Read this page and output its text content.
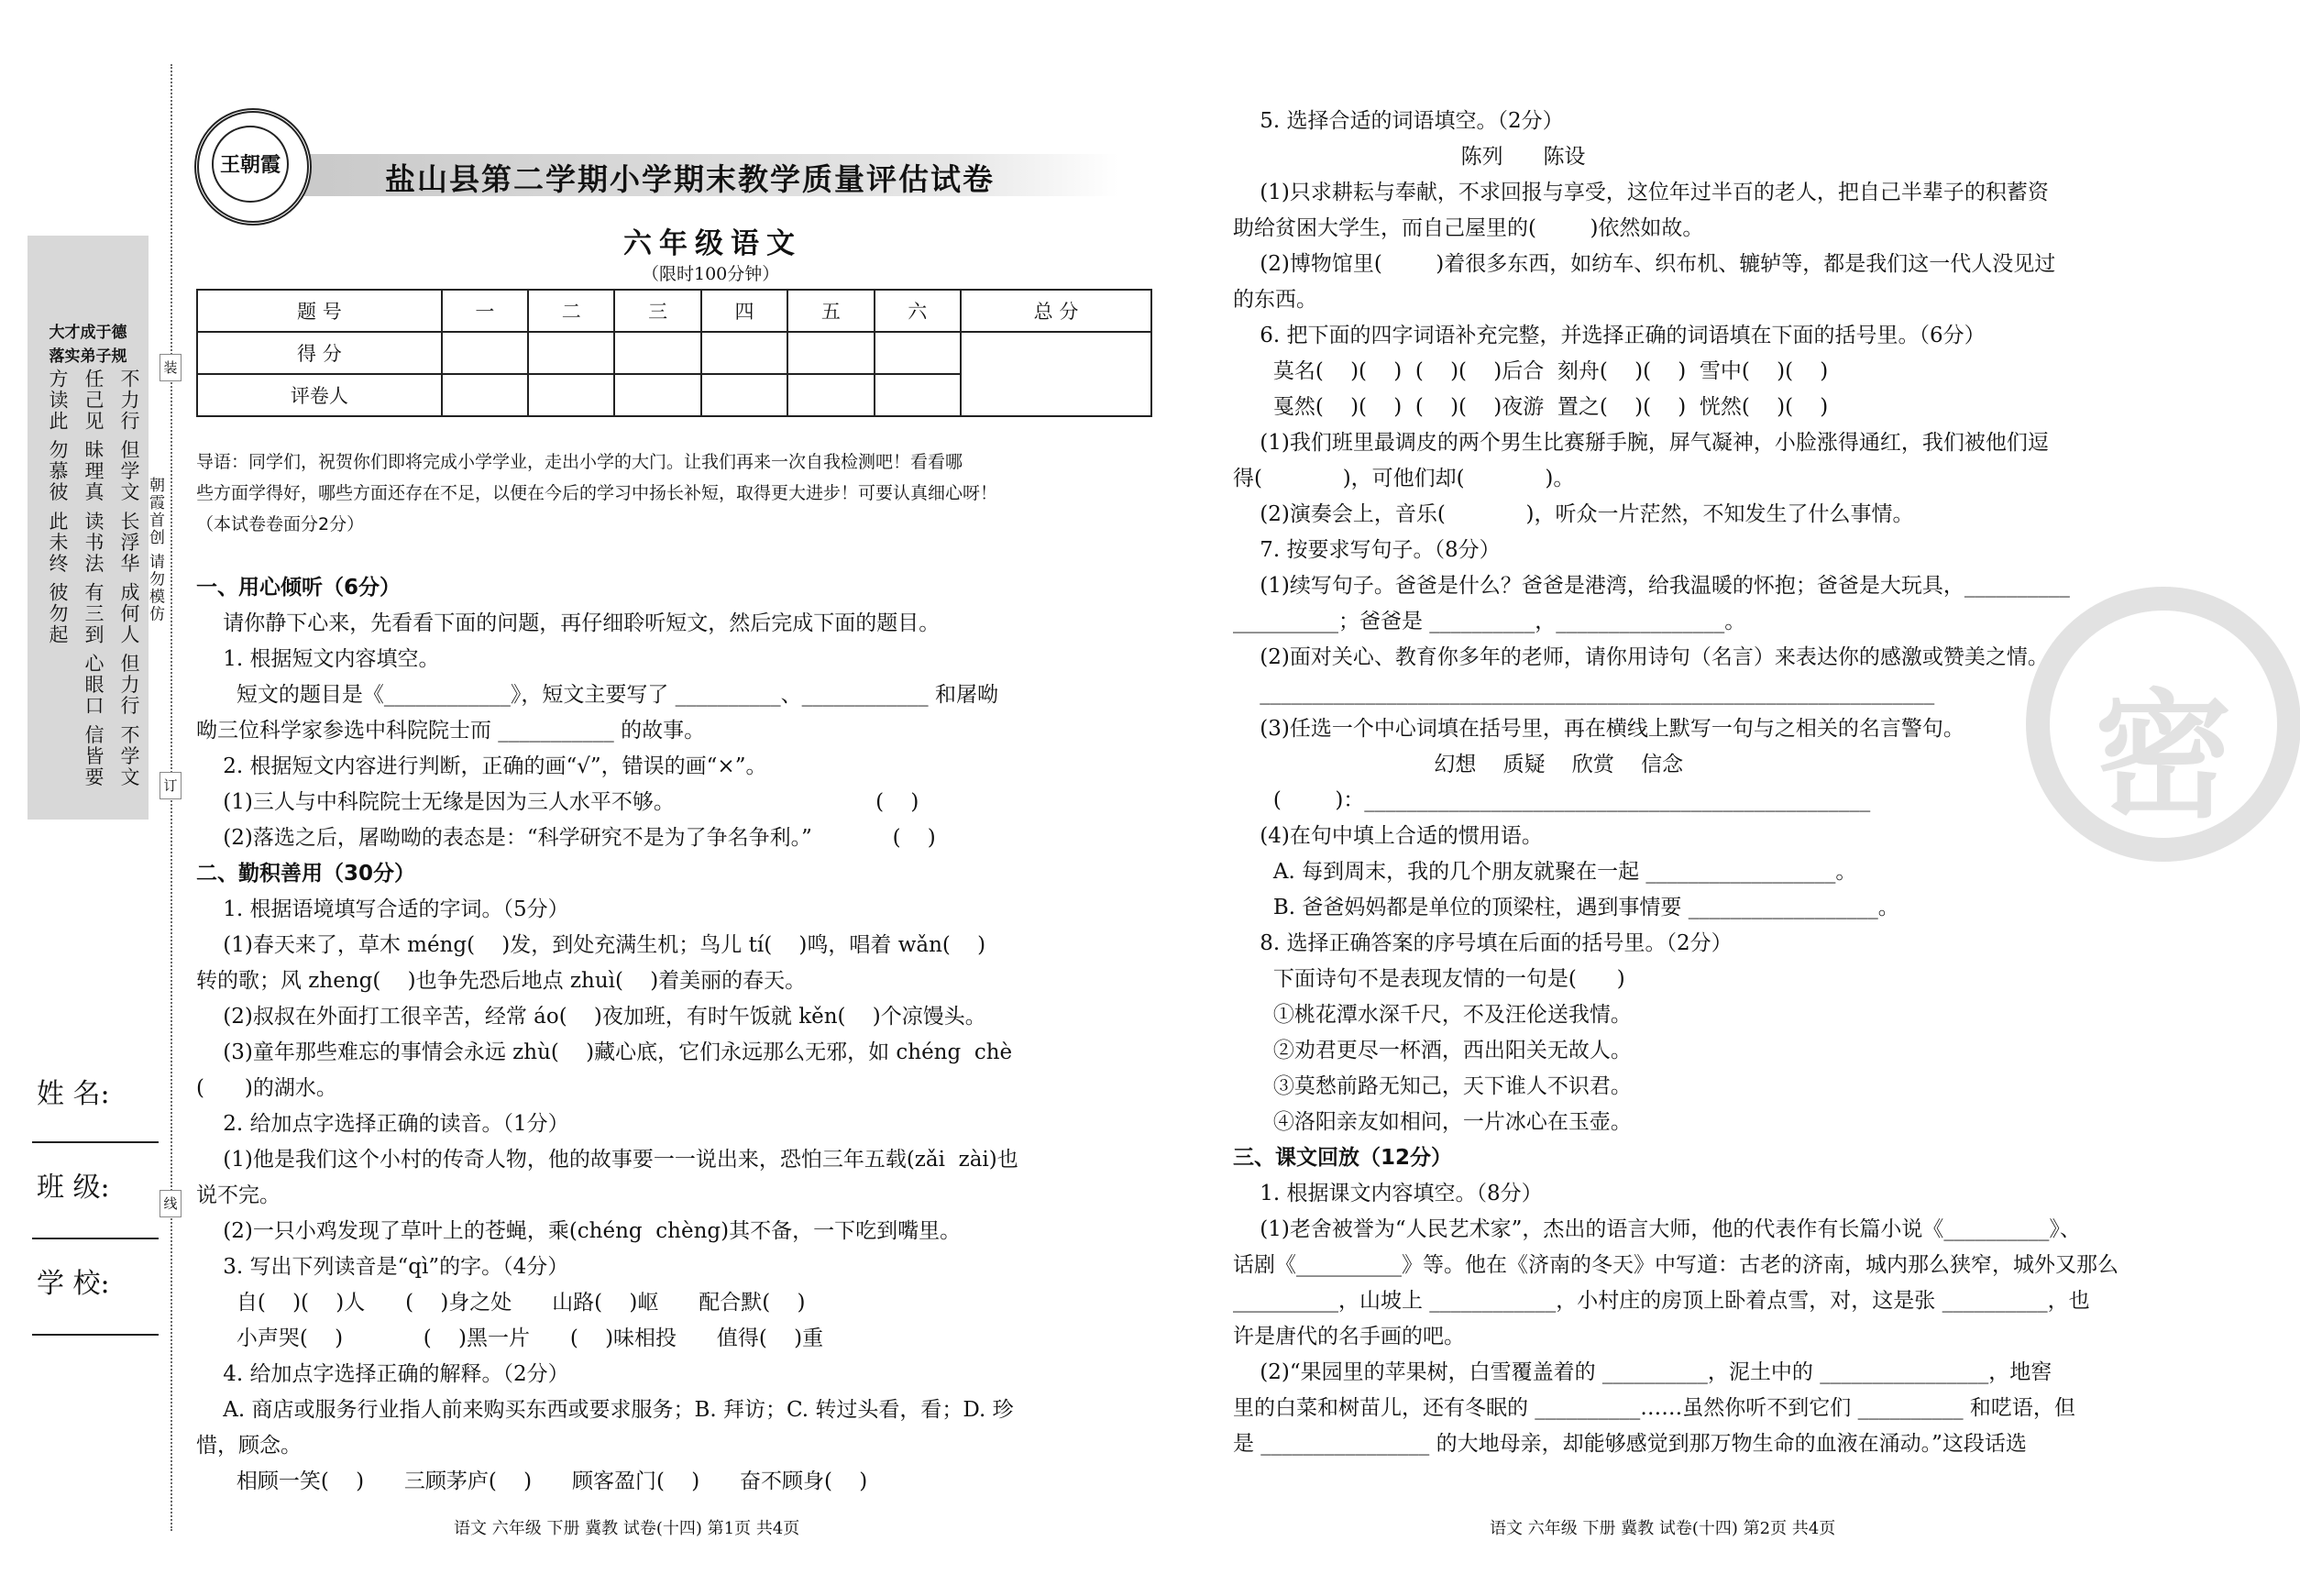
大才成于德
落实弟子规
不力行 但学文 长浮华 成何人 但力行 不学文
任己见 昧理真 读书法 有三到 心眼口 信皆要
方读此 勿慕彼 此未终 彼勿起
装
订
线
朝霞首创 请勿模仿
姓 名:
班 级:
学 校:
王朝霞	盐山县第二学期小学期末教学质量评估试卷
六年级语文
（限时100分钟）
题 号	一	二	三	四	五	六	总 分
得 分							
评卷人							
导语：同学们，祝贺你们即将完成小学学业，走出小学的大门。让我们再来一次自我检测吧！看看哪
些方面学得好，哪些方面还存在不足，以便在今后的学习中扬长补短，取得更大进步！可要认真细心呀！
（本试卷卷面分2分）
一、用心倾听（6分）
请你静下心来，先看看下面的问题，再仔细聆听短文，然后完成下面的题目。
1. 根据短文内容填空。
短文的题目是《____________》，短文主要写了 __________、____________ 和屠呦
呦三位科学家参选中科院院士而 ___________ 的故事。
2. 根据短文内容进行判断，正确的画“√”，错误的画“×”。
(1)三人与中科院院士无缘是因为三人水平不够。                              (    )
(2)落选之后，屠呦呦的表态是：“科学研究不是为了争名争利。”            (    )
二、勤积善用（30分）
1. 根据语境填写合适的字词。（5分）
(1)春天来了，草木 méng(    )发，到处充满生机；鸟儿 tí(    )鸣，唱着 wǎn(    )
转的歌；风 zheng(    )也争先恐后地点 zhuì(    )着美丽的春天。
(2)叔叔在外面打工很辛苦，经常 áo(    )夜加班，有时午饭就 kěn(    )个凉馒头。
(3)童年那些难忘的事情会永远 zhù(    )藏心底，它们永远那么无邪，如 chéng  chè
(      )的湖水。
2. 给加点字选择正确的读音。（1分）
(1)他是我们这个小村的传奇人物，他的故事要一一说出来，恐怕三年五载(zǎi  zài)也
说不完。
(2)一只小鸡发现了草叶上的苍蝇，乘(chéng  chèng)其不备，一下吃到嘴里。
3. 写出下列读音是“qì”的字。（4分）
自(    )(    )人      (    )身之处      山路(    )岖      配合默(    )
小声哭(    )            (    )黑一片      (    )味相投      值得(    )重
4. 给加点字选择正确的解释。（2分）
A. 商店或服务行业指人前来购买东西或要求服务；B. 拜访；C. 转过头看，看；D. 珍
惜，顾念。
相顾一笑(    )      三顾茅庐(    )      顾客盈门(    )      奋不顾身(    )
5. 选择合适的词语填空。（2分）
陈列      陈设
(1)只求耕耘与奉献，不求回报与享受，这位年过半百的老人，把自己半辈子的积蓄资
助给贫困大学生，而自己屋里的(        )依然如故。
(2)博物馆里(        )着很多东西，如纺车、织布机、辘轳等，都是我们这一代人没见过
的东西。
6. 把下面的四字词语补充完整，并选择正确的词语填在下面的括号里。（6分）
莫名(    )(    )  (    )(    )后合  刻舟(    )(    )  雪中(    )(    )
戛然(    )(    )  (    )(    )夜游  置之(    )(    )  恍然(    )(    )
(1)我们班里最调皮的两个男生比赛掰手腕，屏气凝神，小脸涨得通红，我们被他们逗
得(            )，可他们却(            )。
(2)演奏会上，音乐(            )，听众一片茫然，不知发生了什么事情。
7. 按要求写句子。（8分）
(1)续写句子。爸爸是什么？爸爸是港湾，给我温暖的怀抱；爸爸是大玩具，__________
__________；爸爸是 __________，________________。
(2)面对关心、教育你多年的老师，请你用诗句（名言）来表达你的感激或赞美之情。
________________________________________________________________
(3)任选一个中心词填在括号里，再在横线上默写一句与之相关的名言警句。
幻想    质疑    欣赏    信念
(        )：________________________________________________
(4)在句中填上合适的惯用语。
A. 每到周末，我的几个朋友就聚在一起 __________________。
B. 爸爸妈妈都是单位的顶梁柱，遇到事情要 __________________。
8. 选择正确答案的序号填在后面的括号里。（2分）
下面诗句不是表现友情的一句是(      )
①桃花潭水深千尺，不及汪伦送我情。
②劝君更尽一杯酒，西出阳关无故人。
③莫愁前路无知己，天下谁人不识君。
④洛阳亲友如相问，一片冰心在玉壶。
三、课文回放（12分）
1. 根据课文内容填空。（8分）
(1)老舍被誉为“人民艺术家”，杰出的语言大师，他的代表作有长篇小说《__________》、
话剧《__________》等。他在《济南的冬天》中写道：古老的济南，城内那么狭窄，城外又那么
__________，山坡上 ____________，小村庄的房顶上卧着点雪，对，这是张 __________，也
许是唐代的名手画的吧。
(2)“果园里的苹果树，白雪覆盖着的 __________，泥土中的 ________________，地窖
里的白菜和树苗儿，还有冬眠的 __________……虽然你听不到它们 __________ 和呓语，但
是 ________________ 的大地母亲，却能够感觉到那万物生命的血液在涌动。”这段话选
密
语文 六年级 下册 冀教 试卷(十四) 第1页 共4页	语文 六年级 下册 冀教 试卷(十四) 第2页 共4页
